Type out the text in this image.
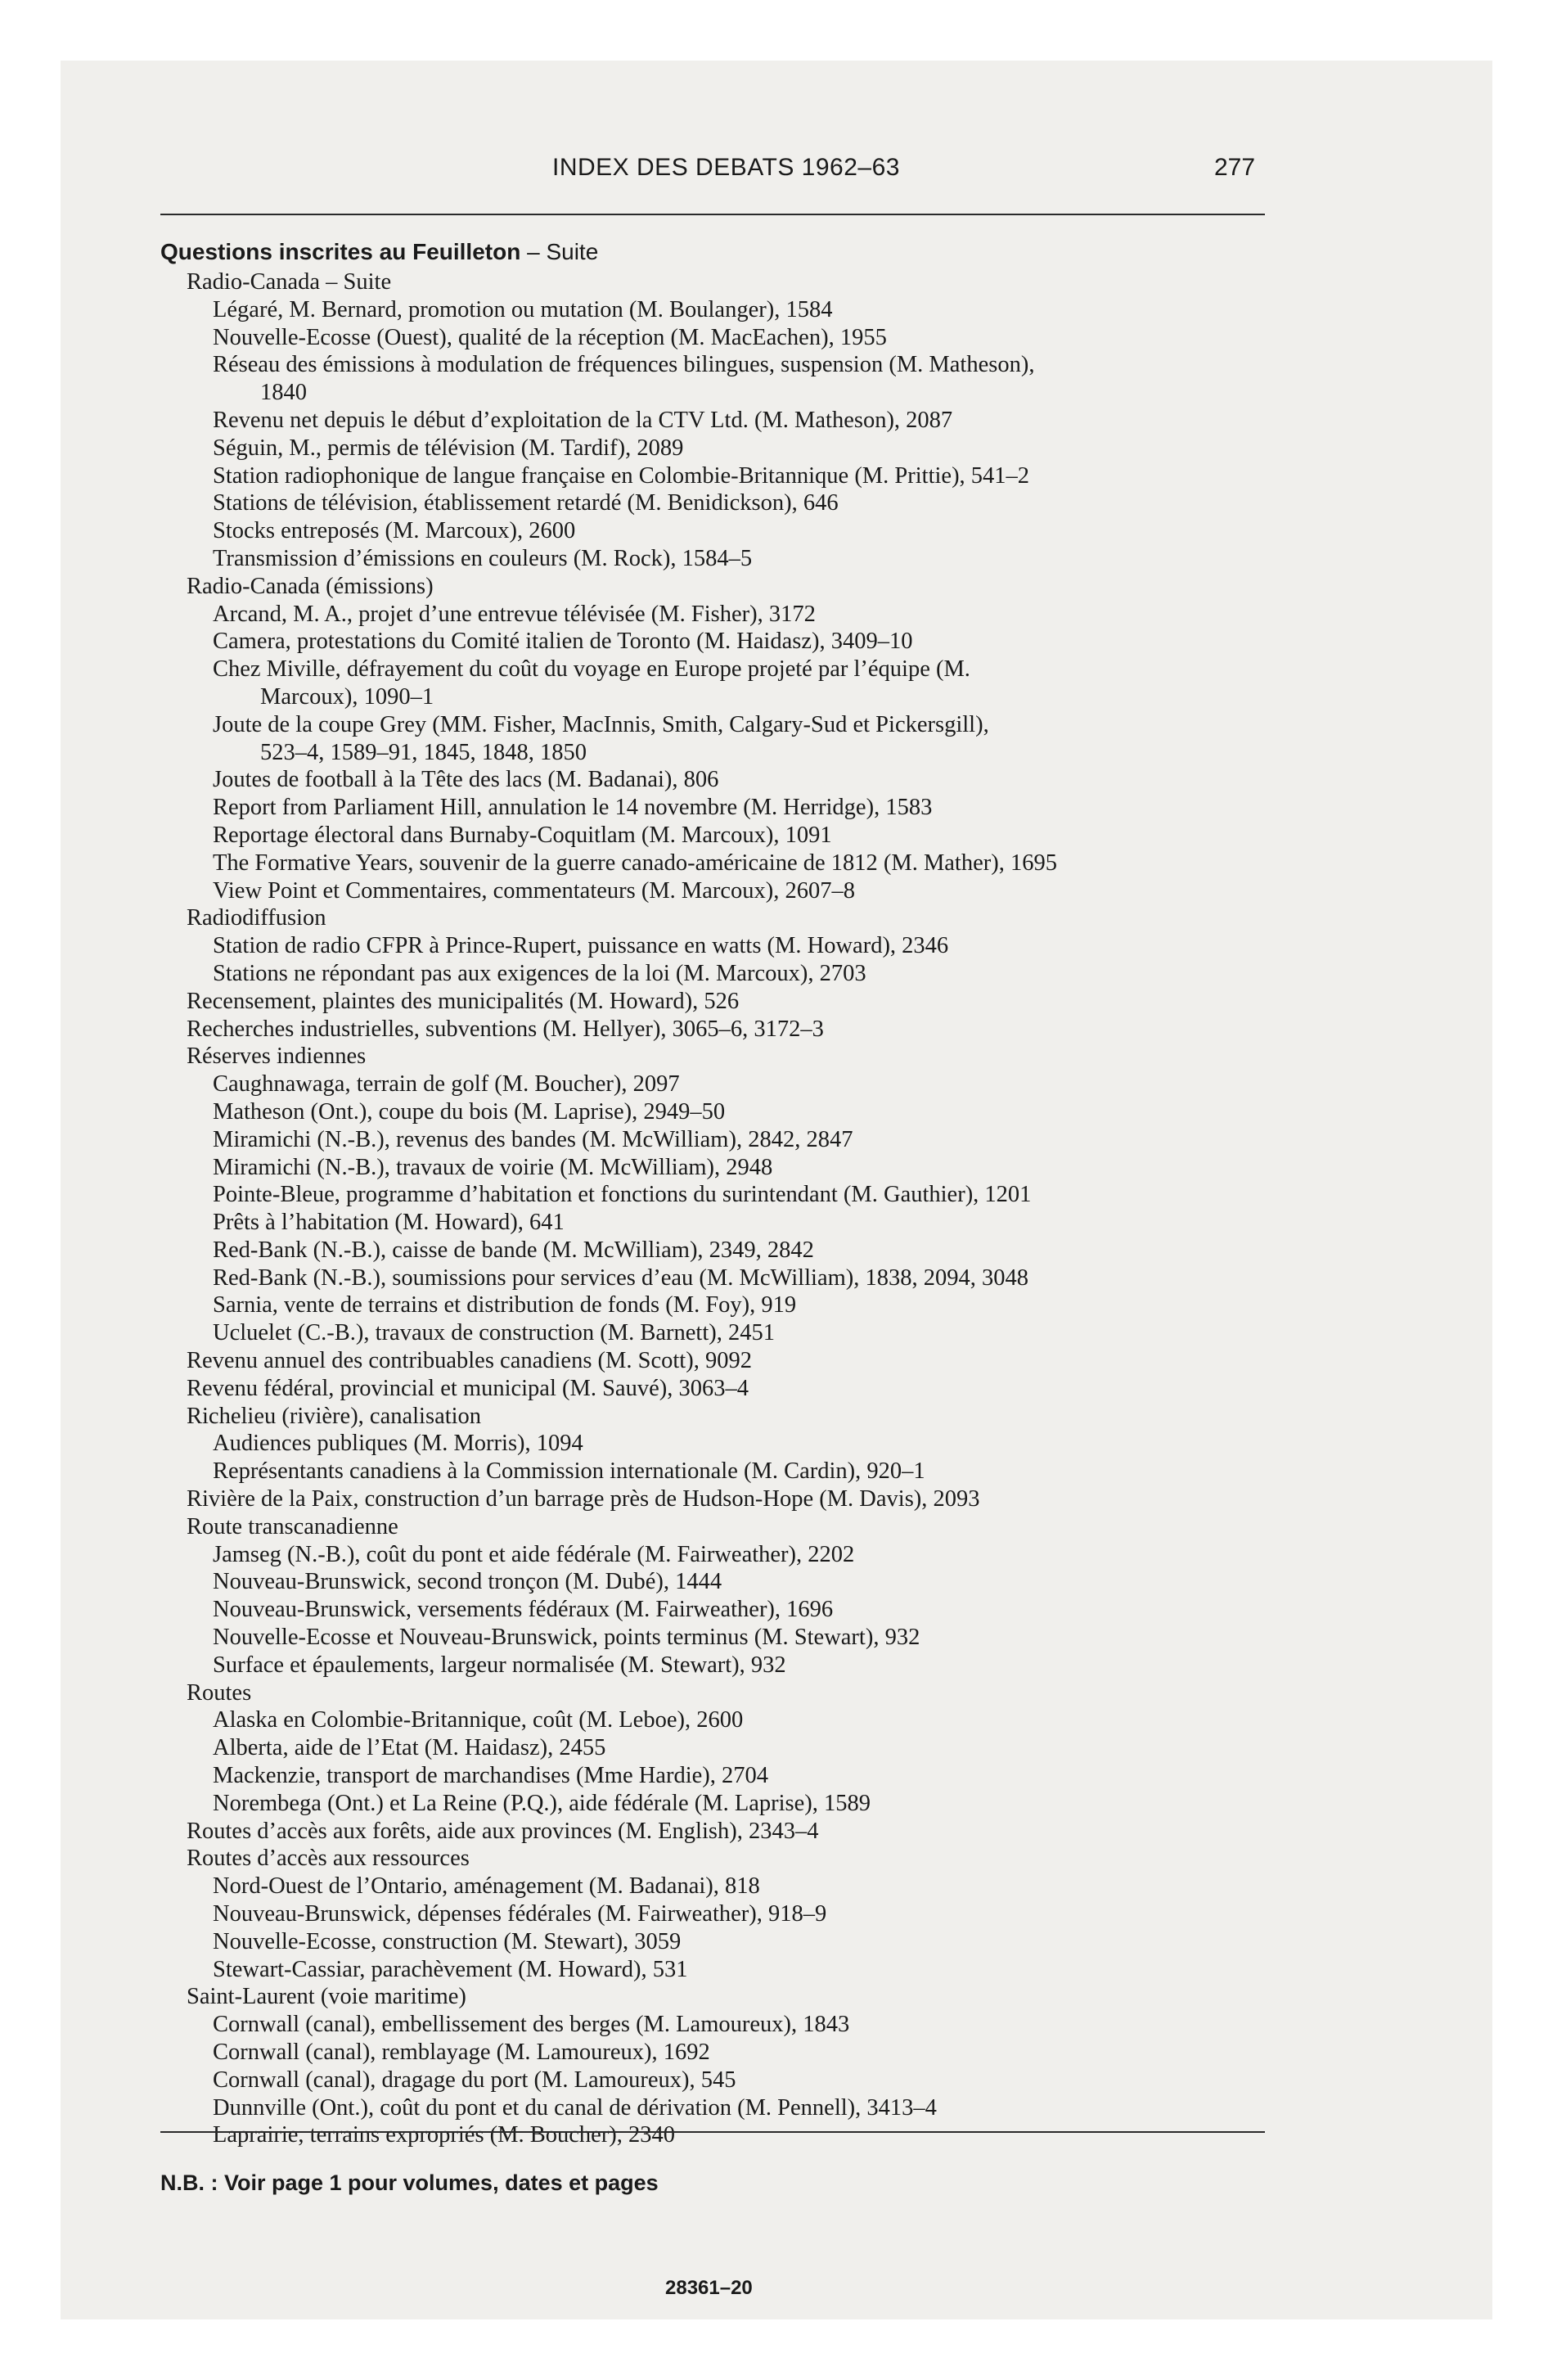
INDEX DES DEBATS 1962–63	277
Questions inscrites au Feuilleton – Suite
Radio-Canada – Suite
Légaré, M. Bernard, promotion ou mutation (M. Boulanger), 1584
Nouvelle-Ecosse (Ouest), qualité de la réception (M. MacEachen), 1955
Réseau des émissions à modulation de fréquences bilingues, suspension (M. Matheson),
1840
Revenu net depuis le début d’exploitation de la CTV Ltd. (M. Matheson), 2087
Séguin, M., permis de télévision (M. Tardif), 2089
Station radiophonique de langue française en Colombie-Britannique (M. Prittie), 541–2
Stations de télévision, établissement retardé (M. Benidickson), 646
Stocks entreposés (M. Marcoux), 2600
Transmission d’émissions en couleurs (M. Rock), 1584–5
Radio-Canada (émissions)
Arcand, M. A., projet d’une entrevue télévisée (M. Fisher), 3172
Camera, protestations du Comité italien de Toronto (M. Haidasz), 3409–10
Chez Miville, défrayement du coût du voyage en Europe projeté par l’équipe (M.
Marcoux), 1090–1
Joute de la coupe Grey (MM. Fisher, MacInnis, Smith, Calgary-Sud et Pickersgill),
523–4, 1589–91, 1845, 1848, 1850
Joutes de football à la Tête des lacs (M. Badanai), 806
Report from Parliament Hill, annulation le 14 novembre (M. Herridge), 1583
Reportage électoral dans Burnaby-Coquitlam (M. Marcoux), 1091
The Formative Years, souvenir de la guerre canado-américaine de 1812 (M. Mather), 1695
View Point et Commentaires, commentateurs (M. Marcoux), 2607–8
Radiodiffusion
Station de radio CFPR à Prince-Rupert, puissance en watts (M. Howard), 2346
Stations ne répondant pas aux exigences de la loi (M. Marcoux), 2703
Recensement, plaintes des municipalités (M. Howard), 526
Recherches industrielles, subventions (M. Hellyer), 3065–6, 3172–3
Réserves indiennes
Caughnawaga, terrain de golf (M. Boucher), 2097
Matheson (Ont.), coupe du bois (M. Laprise), 2949–50
Miramichi (N.-B.), revenus des bandes (M. McWilliam), 2842, 2847
Miramichi (N.-B.), travaux de voirie (M. McWilliam), 2948
Pointe-Bleue, programme d’habitation et fonctions du surintendant (M. Gauthier), 1201
Prêts à l’habitation (M. Howard), 641
Red-Bank (N.-B.), caisse de bande (M. McWilliam), 2349, 2842
Red-Bank (N.-B.), soumissions pour services d’eau (M. McWilliam), 1838, 2094, 3048
Sarnia, vente de terrains et distribution de fonds (M. Foy), 919
Ucluelet (C.-B.), travaux de construction (M. Barnett), 2451
Revenu annuel des contribuables canadiens (M. Scott), 9092
Revenu fédéral, provincial et municipal (M. Sauvé), 3063–4
Richelieu (rivière), canalisation
Audiences publiques (M. Morris), 1094
Représentants canadiens à la Commission internationale (M. Cardin), 920–1
Rivière de la Paix, construction d’un barrage près de Hudson-Hope (M. Davis), 2093
Route transcanadienne
Jamseg (N.-B.), coût du pont et aide fédérale (M. Fairweather), 2202
Nouveau-Brunswick, second tronçon (M. Dubé), 1444
Nouveau-Brunswick, versements fédéraux (M. Fairweather), 1696
Nouvelle-Ecosse et Nouveau-Brunswick, points terminus (M. Stewart), 932
Surface et épaulements, largeur normalisée (M. Stewart), 932
Routes
Alaska en Colombie-Britannique, coût (M. Leboe), 2600
Alberta, aide de l’Etat (M. Haidasz), 2455
Mackenzie, transport de marchandises (Mme Hardie), 2704
Norembega (Ont.) et La Reine (P.Q.), aide fédérale (M. Laprise), 1589
Routes d’accès aux forêts, aide aux provinces (M. English), 2343–4
Routes d’accès aux ressources
Nord-Ouest de l’Ontario, aménagement (M. Badanai), 818
Nouveau-Brunswick, dépenses fédérales (M. Fairweather), 918–9
Nouvelle-Ecosse, construction (M. Stewart), 3059
Stewart-Cassiar, parachèvement (M. Howard), 531
Saint-Laurent (voie maritime)
Cornwall (canal), embellissement des berges (M. Lamoureux), 1843
Cornwall (canal), remblayage (M. Lamoureux), 1692
Cornwall (canal), dragage du port (M. Lamoureux), 545
Dunnville (Ont.), coût du pont et du canal de dérivation (M. Pennell), 3413–4
Laprairie, terrains expropriés (M. Boucher), 2340
N.B. : Voir page 1 pour volumes, dates et pages
28361–20
